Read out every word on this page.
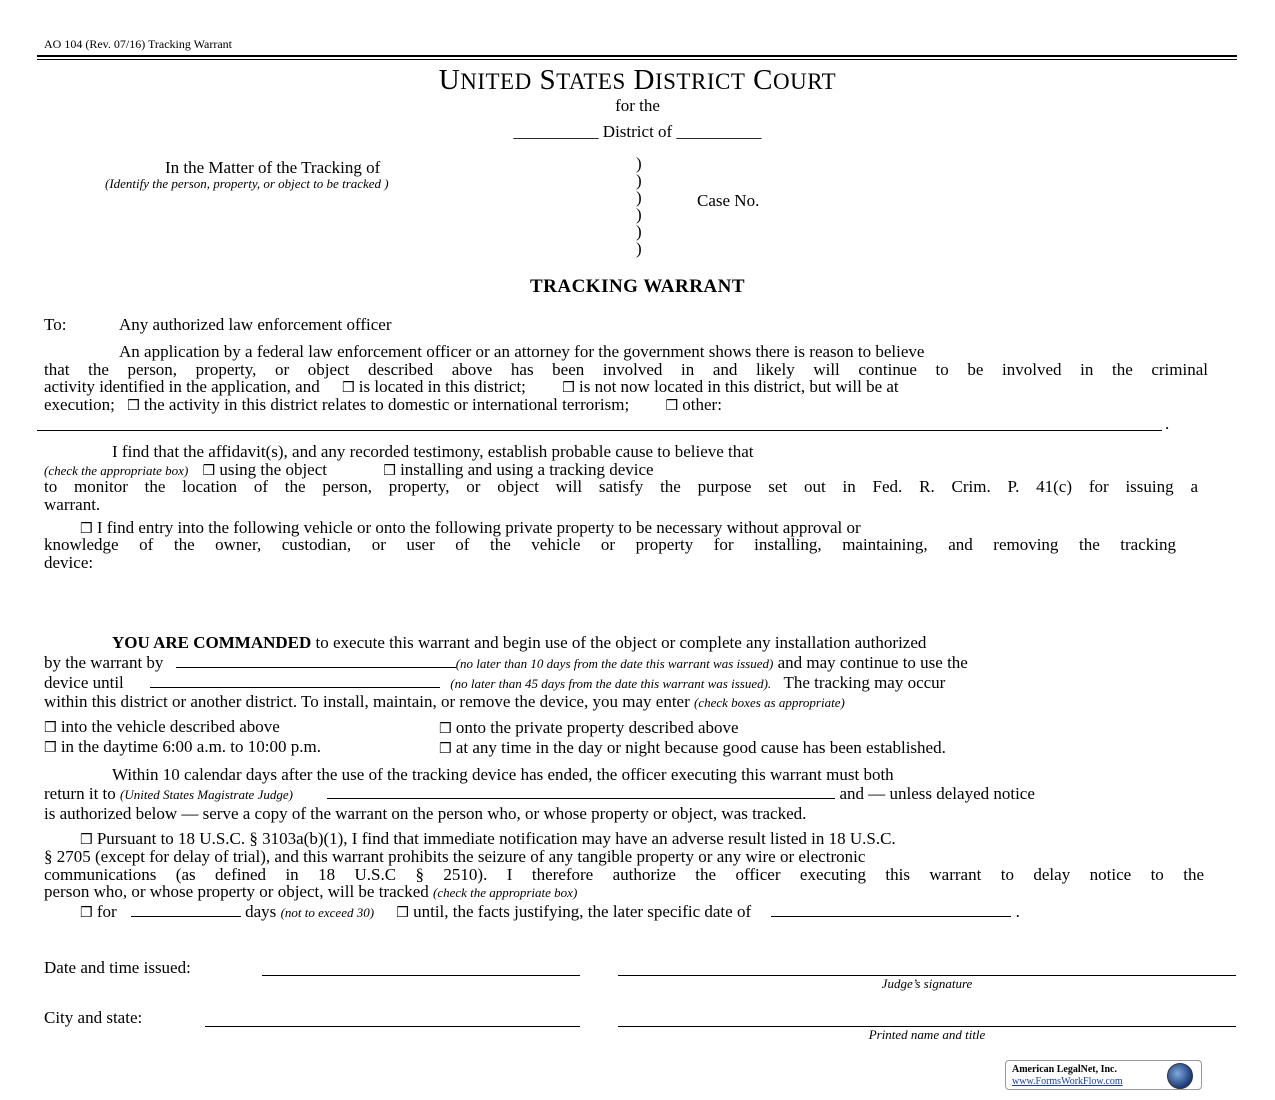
AO 104 (Rev. 07/16) Tracking Warrant
UNITED STATES DISTRICT COURT
for the
__________ District of __________
In the Matter of the Tracking of
(Identify the person, property, or object to be tracked )
)
)
)
)
)
)
Case No.
TRACKING WARRANT
To:	Any authorized law enforcement officer
An application by a federal law enforcement officer or an attorney for the government shows there is reason to believe
that the person, property, or object described above has been involved in and likely will continue to be involved in the criminal
activity identified in the application, and ❒ is located in this district;	❒ is not now located in this district, but will be at
execution; ❒ the activity in this district relates to domestic or international terrorism;	❒ other:
.
I find that the affidavit(s), and any recorded testimony, establish probable cause to believe that
(check the appropriate box) ❒ using the object	❒ installing and using a tracking device
to monitor the location of the person, property, or object will satisfy the purpose set out in Fed. R. Crim. P. 41(c) for issuing a
warrant.
❒ I find entry into the following vehicle or onto the following private property to be necessary without approval or
knowledge of the owner, custodian, or user of the vehicle or property for installing, maintaining, and removing the tracking
device:
YOU ARE COMMANDED to execute this warrant and begin use of the object or complete any installation authorized
by the warrant by	(no later than 10 days from the date this warrant was issued) and may continue to use the
device until	(no later than 45 days from the date this warrant was issued). The tracking may occur
within this district or another district. To install, maintain, or remove the device, you may enter (check boxes as appropriate)
❒ into the vehicle described above	❒ onto the private property described above
❒ in the daytime 6:00 a.m. to 10:00 p.m.	❒ at any time in the day or night because good cause has been established.
Within 10 calendar days after the use of the tracking device has ended, the officer executing this warrant must both
return it to (United States Magistrate Judge)	and — unless delayed notice
is authorized below — serve a copy of the warrant on the person who, or whose property or object, was tracked.
❒ Pursuant to 18 U.S.C. § 3103a(b)(1), I find that immediate notification may have an adverse result listed in 18 U.S.C.
§ 2705 (except for delay of trial), and this warrant prohibits the seizure of any tangible property or any wire or electronic
communications (as defined in 18 U.S.C § 2510). I therefore authorize the officer executing this warrant to delay notice to the
person who, or whose property or object, will be tracked (check the appropriate box)
❒ for	days (not to exceed 30) ❒ until, the facts justifying, the later specific date of	.
Date and time issued:
Judge’s signature
City and state:
Printed name and title
American LegalNet, Inc.
www.FormsWorkFlow.com
